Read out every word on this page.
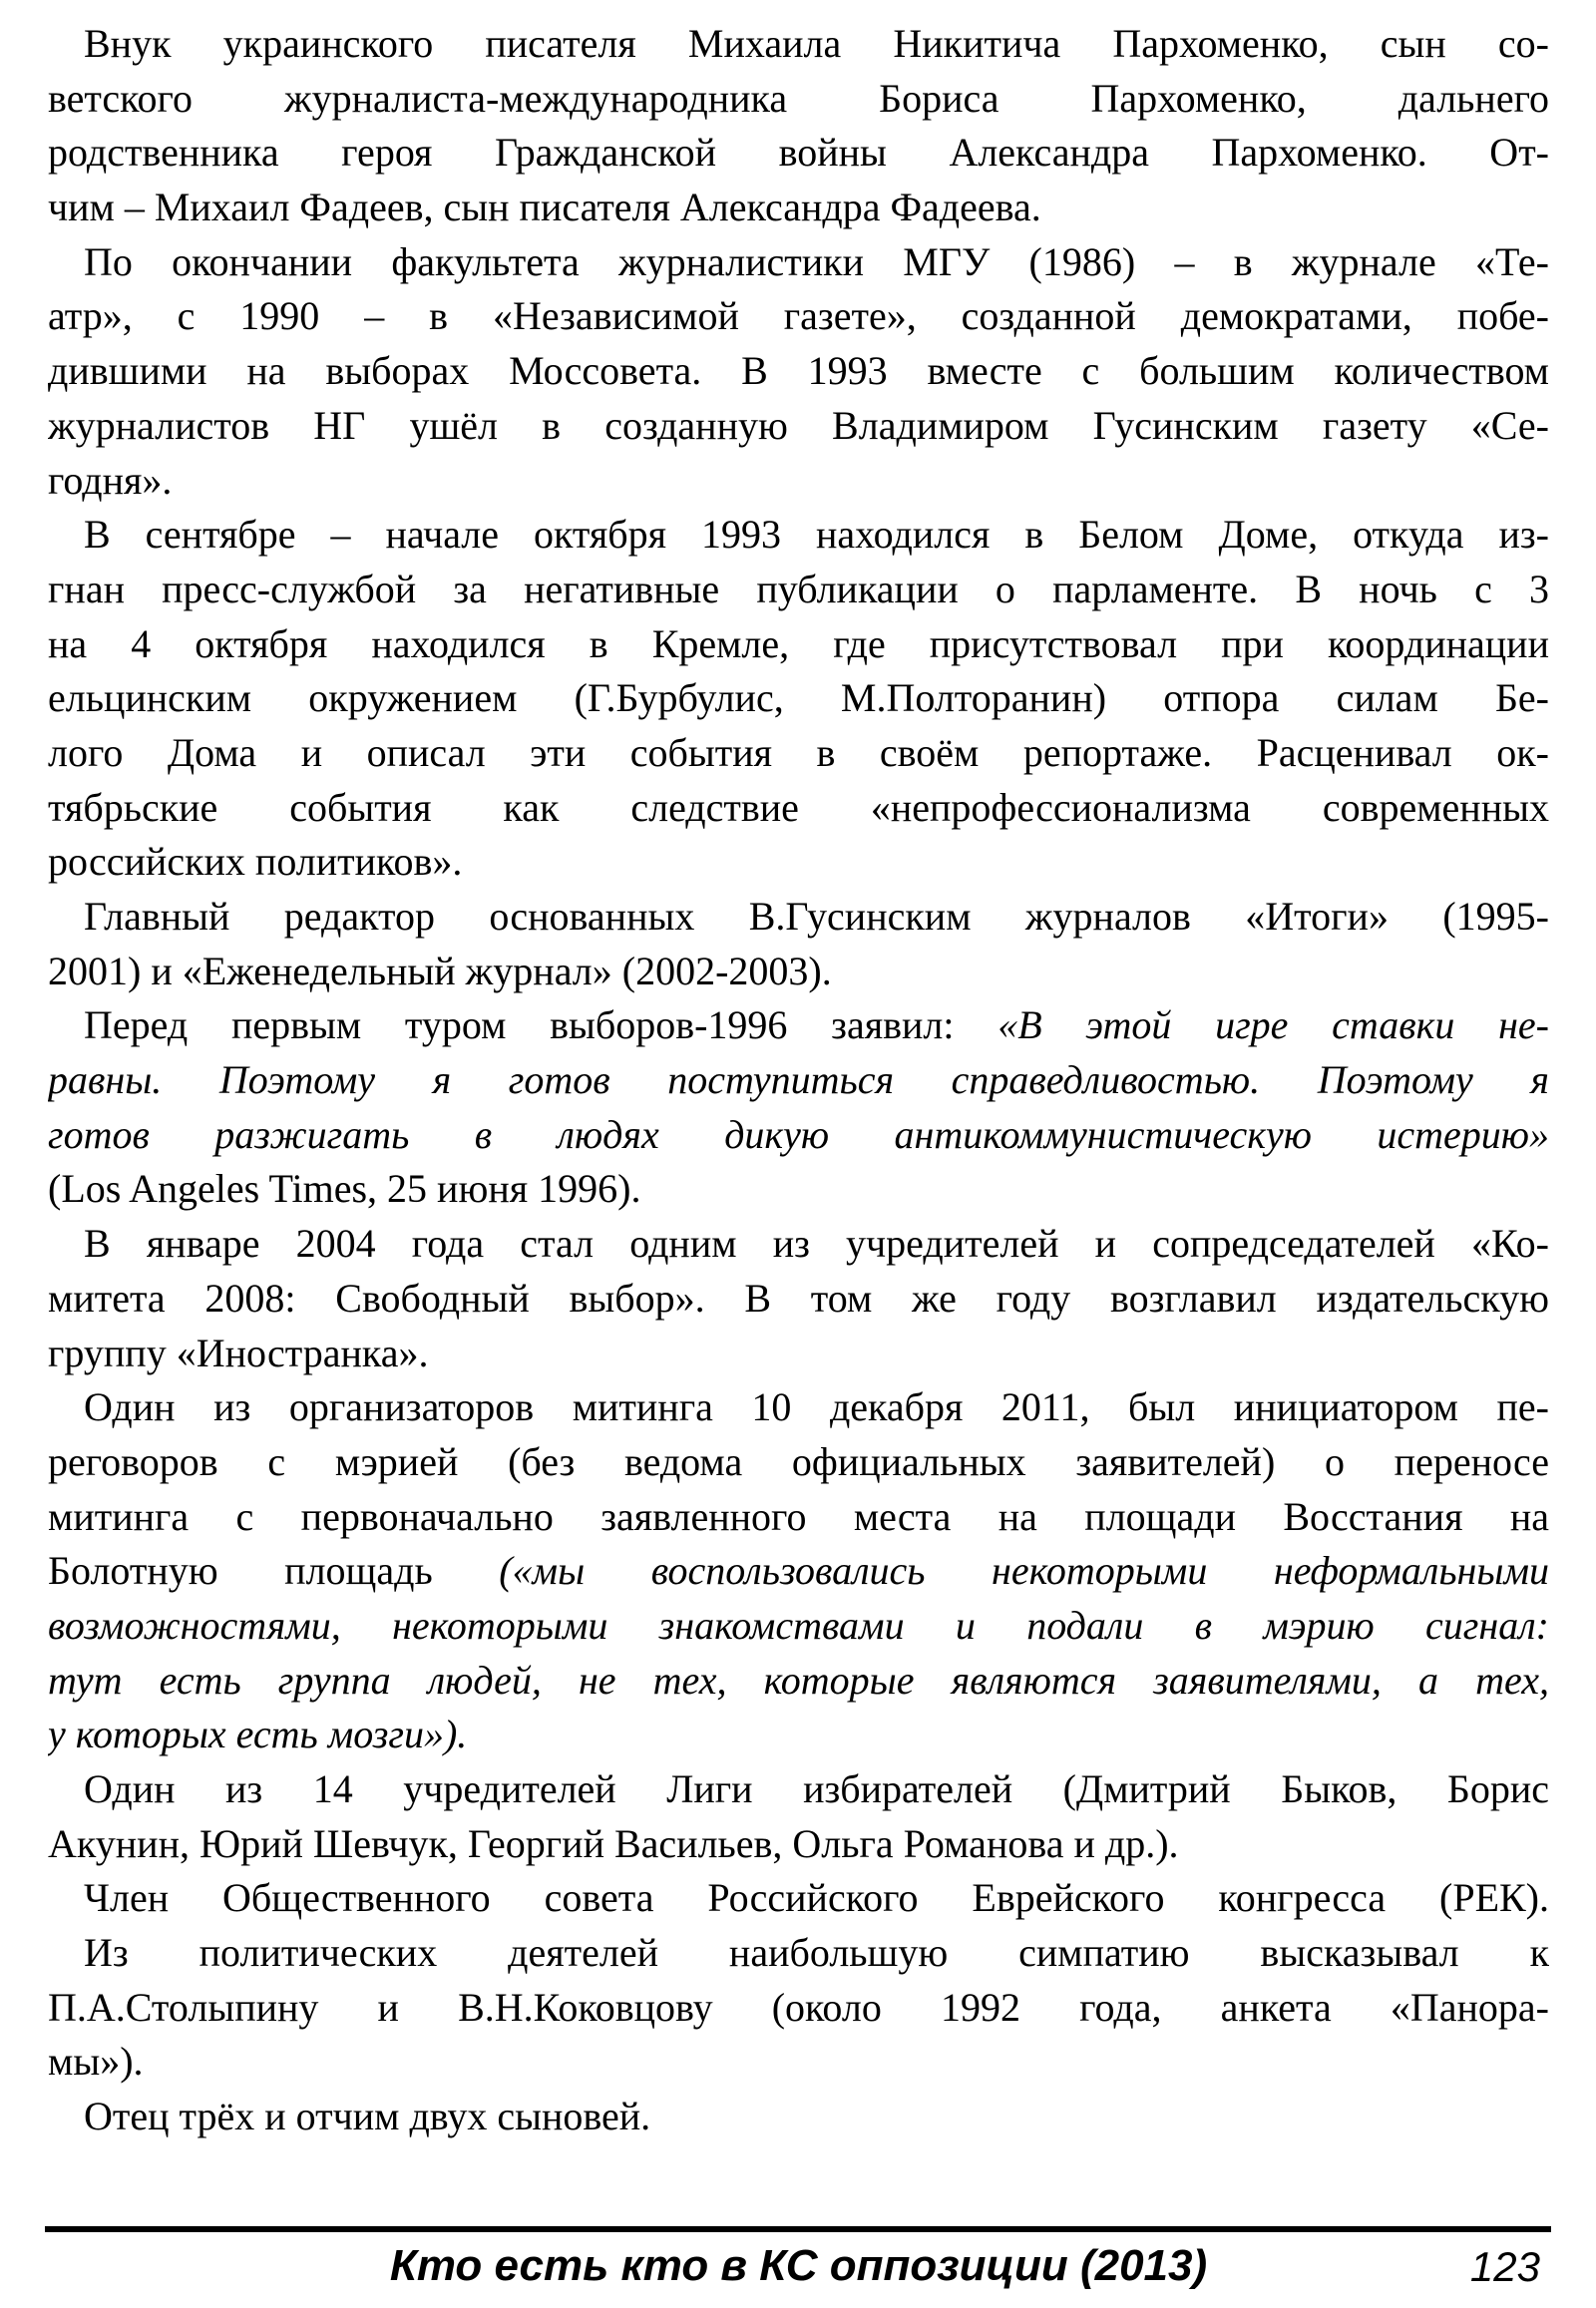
Внук украинского писателя Михаила Никитича Пархоменко, сын со-
ветского журналиста-международника Бориса Пархоменко, дальнего
родственника героя Гражданской войны Александра Пархоменко. От-
чим – Михаил Фадеев, сын писателя Александра Фадеева.
По окончании факультета журналистики МГУ (1986) – в журнале «Те-
атр», с 1990 – в «Независимой газете», созданной демократами, побе-
дившими на выборах Моссовета. В 1993 вместе с большим количеством
журналистов НГ ушёл в созданную Владимиром Гусинским газету «Се-
годня».
В сентябре – начале октября 1993 находился в Белом Доме, откуда из-
гнан пресс-службой за негативные публикации о парламенте. В ночь с 3
на 4 октября находился в Кремле, где присутствовал при координации
ельцинским окружением (Г.Бурбулис, М.Полторанин) отпора силам Бе-
лого Дома и описал эти события в своём репортаже. Расценивал ок-
тябрьские события как следствие «непрофессионализма современных
российских политиков».
Главный редактор основанных В.Гусинским журналов «Итоги» (1995-
2001) и «Еженедельный журнал» (2002-2003).
Перед первым туром выборов-1996 заявил: «В этой игре ставки не-
равны. Поэтому я готов поступиться справедливостью. Поэтому я
готов разжигать в людях дикую антикоммунистическую истерию»
(Los Angeles Times, 25 июня 1996).
В январе 2004 года стал одним из учредителей и сопредседателей «Ко-
митета 2008: Свободный выбор». В том же году возглавил издательскую
группу «Иностранка».
Один из организаторов митинга 10 декабря 2011, был инициатором пе-
реговоров с мэрией (без ведома официальных заявителей) о переносе
митинга с первоначально заявленного места на площади Восстания на
Болотную площадь («мы воспользовались некоторыми неформальными
возможностями, некоторыми знакомствами и подали в мэрию сигнал:
тут есть группа людей, не тех, которые являются заявителями, а тех,
у которых есть мозги»).
Один из 14 учредителей Лиги избирателей (Дмитрий Быков, Борис
Акунин, Юрий Шевчук, Георгий Васильев, Ольга Романова и др.).
Член Общественного совета Российского Еврейского конгресса (РЕК).
Из политических деятелей наибольшую симпатию высказывал к
П.А.Столыпину и В.Н.Коковцову (около 1992 года, анкета «Панора-
мы»).
Отец трёх и отчим двух сыновей.
Кто есть кто в КС оппозиции (2013)	123
